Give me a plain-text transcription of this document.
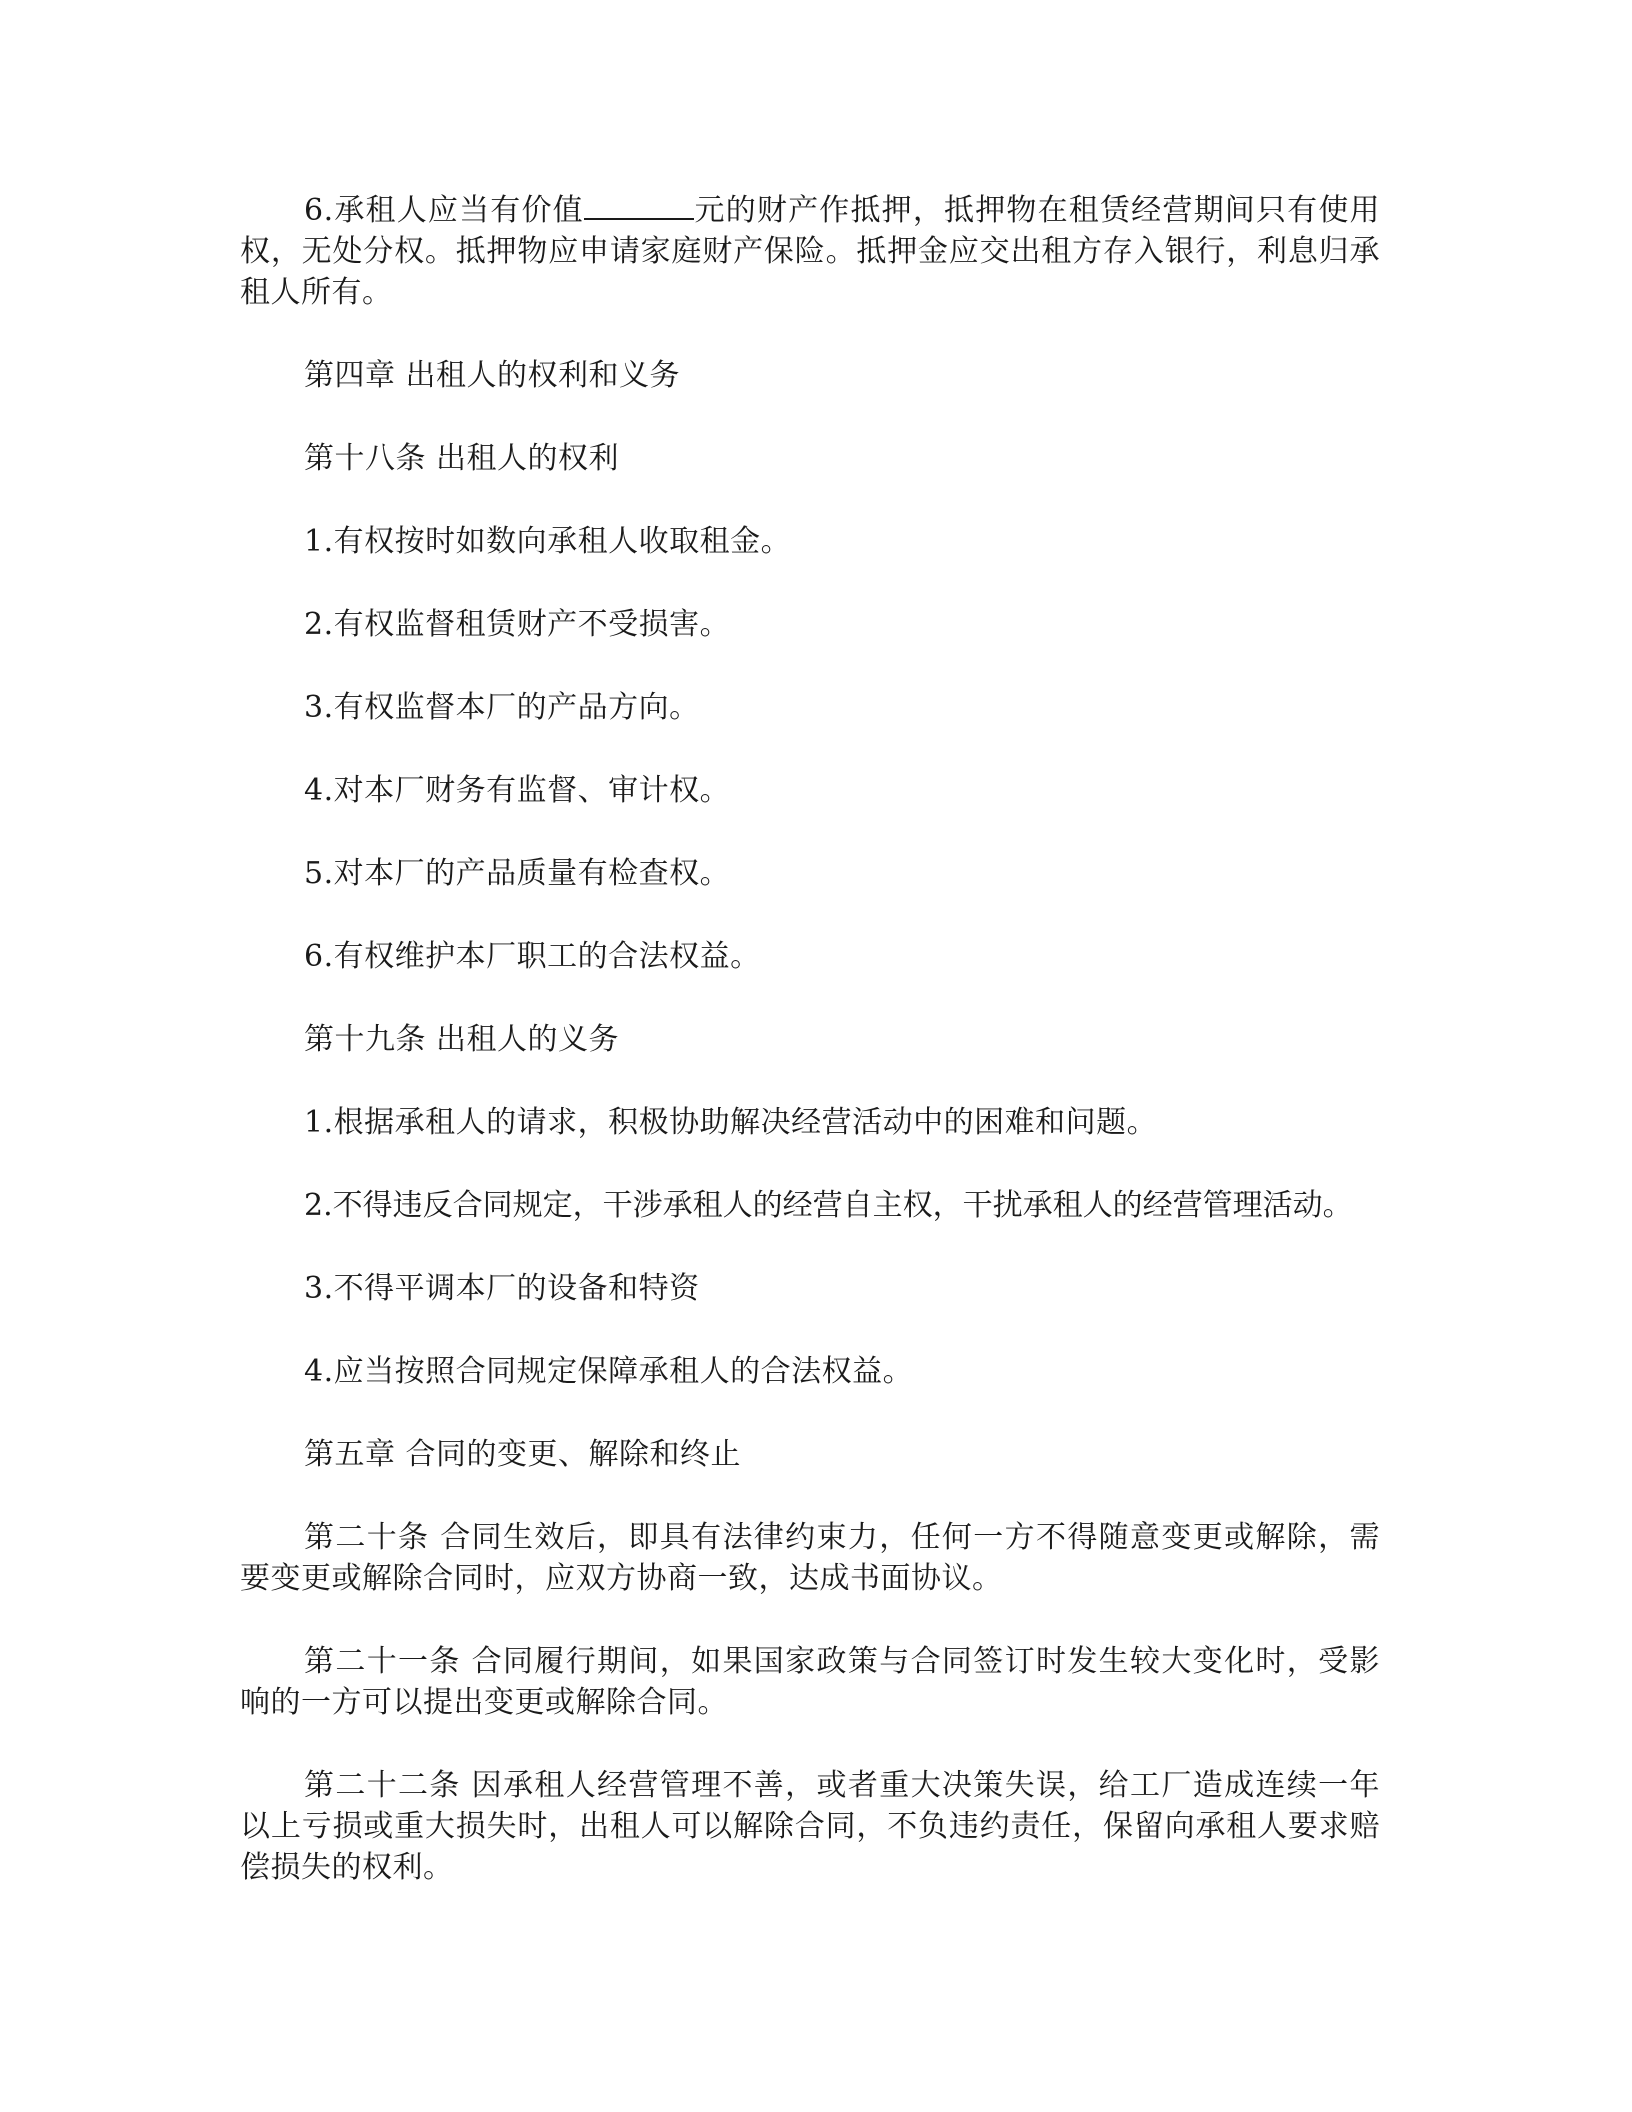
6.承租人应当有价值	元的财产作抵押，抵押物在租赁经营期间只有使用权，无处分权。抵押物应申请家庭财产保险。抵押金应交出租方存入银行，利息归承租人所有。

第四章 出租人的权利和义务

第十八条 出租人的权利

1.有权按时如数向承租人收取租金。

2.有权监督租赁财产不受损害。

3.有权监督本厂的产品方向。

4.对本厂财务有监督、审计权。

5.对本厂的产品质量有检查权。

6.有权维护本厂职工的合法权益。

第十九条 出租人的义务

1.根据承租人的请求，积极协助解决经营活动中的困难和问题。

2.不得违反合同规定，干涉承租人的经营自主权，干扰承租人的经营管理活动。

3.不得平调本厂的设备和特资

4.应当按照合同规定保障承租人的合法权益。

第五章 合同的变更、解除和终止

第二十条 合同生效后，即具有法律约束力，任何一方不得随意变更或解除，需要变更或解除合同时，应双方协商一致，达成书面协议。

第二十一条 合同履行期间，如果国家政策与合同签订时发生较大变化时，受影响的一方可以提出变更或解除合同。

第二十二条 因承租人经营管理不善，或者重大决策失误，给工厂造成连续一年以上亏损或重大损失时，出租人可以解除合同，不负违约责任，保留向承租人要求赔偿损失的权利。
